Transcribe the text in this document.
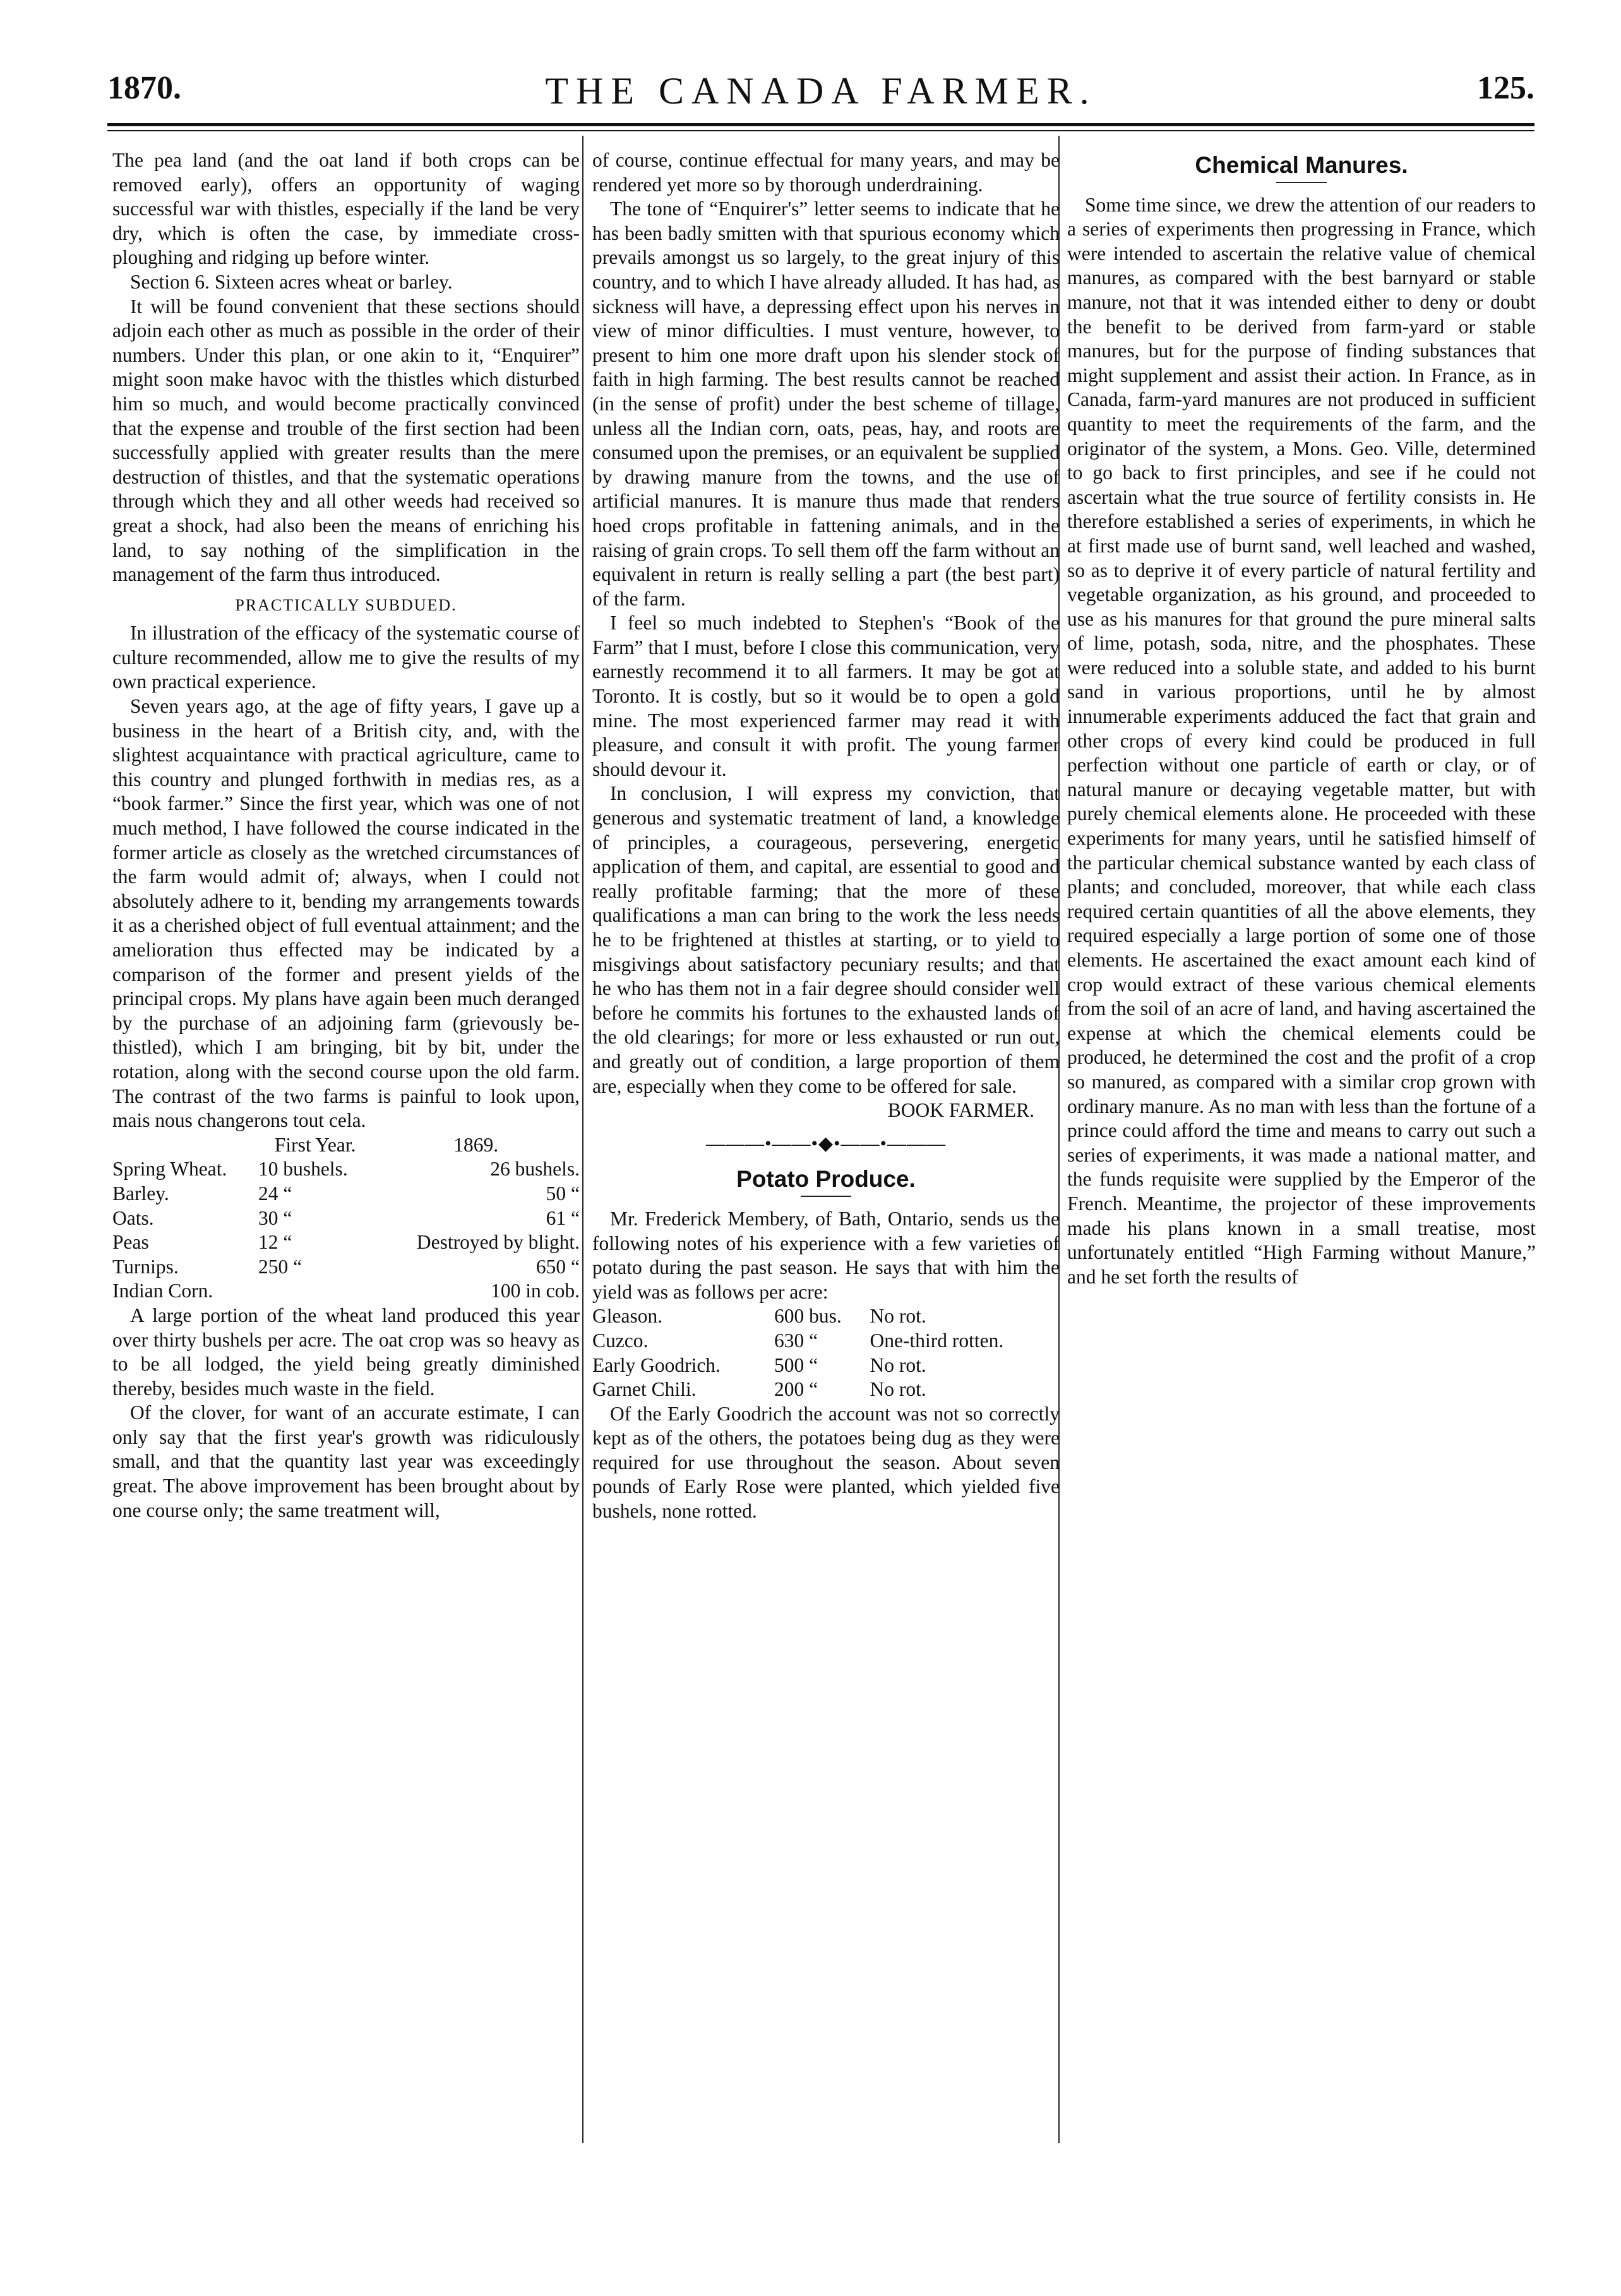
1870.	THE CANADA FARMER.	125.

The pea land (and the oat land if both crops can be removed early), offers an opportunity of waging successful war with thistles, especially if the land be very dry, which is often the case, by immediate cross-ploughing and ridging up before winter.

Section 6. Sixteen acres wheat or barley.

It will be found convenient that these sections should adjoin each other as much as possible in the order of their numbers. Under this plan, or one akin to it, “Enquirer” might soon make havoc with the thistles which disturbed him so much, and would become practically convinced that the expense and trouble of the first section had been successfully applied with greater results than the mere destruction of thistles, and that the systematic operations through which they and all other weeds had received so great a shock, had also been the means of enriching his land, to say nothing of the simplification in the management of the farm thus introduced.

PRACTICALLY SUBDUED.

In illustration of the efficacy of the systematic course of culture recommended, allow me to give the results of my own practical experience.

Seven years ago, at the age of fifty years, I gave up a business in the heart of a British city, and, with the slightest acquaintance with practical agriculture, came to this country and plunged forthwith in medias res, as a “book farmer.” Since the first year, which was one of not much method, I have followed the course indicated in the former article as closely as the wretched circumstances of the farm would admit of; always, when I could not absolutely adhere to it, bending my arrangements towards it as a cherished object of full eventual attainment; and the amelioration thus effected may be indicated by a comparison of the former and present yields of the principal crops. My plans have again been much deranged by the purchase of an adjoining farm (grievously be-thistled), which I am bringing, bit by bit, under the rotation, along with the second course upon the old farm. The contrast of the two farms is painful to look upon, mais nous changerons tout cela.

	First Year.	1869.
Spring Wheat.	10 bushels.	26 bushels.
Barley.	24 “	50 “
Oats.	30 “	61 “
Peas	12 “	Destroyed by blight.
Turnips.	250 “	650 “
Indian Corn.		100 in cob.

A large portion of the wheat land produced this year over thirty bushels per acre. The oat crop was so heavy as to be all lodged, the yield being greatly diminished thereby, besides much waste in the field.

Of the clover, for want of an accurate estimate, I can only say that the first year's growth was ridiculously small, and that the quantity last year was exceedingly great. The above improvement has been brought about by one course only; the same treatment will,

of course, continue effectual for many years, and may be rendered yet more so by thorough underdraining.

The tone of “Enquirer's” letter seems to indicate that he has been badly smitten with that spurious economy which prevails amongst us so largely, to the great injury of this country, and to which I have already alluded. It has had, as sickness will have, a depressing effect upon his nerves in view of minor difficulties. I must venture, however, to present to him one more draft upon his slender stock of faith in high farming. The best results cannot be reached (in the sense of profit) under the best scheme of tillage, unless all the Indian corn, oats, peas, hay, and roots are consumed upon the premises, or an equivalent be supplied by drawing manure from the towns, and the use of artificial manures. It is manure thus made that renders hoed crops profitable in fattening animals, and in the raising of grain crops. To sell them off the farm without an equivalent in return is really selling a part (the best part) of the farm.

I feel so much indebted to Stephen's “Book of the Farm” that I must, before I close this communication, very earnestly recommend it to all farmers. It may be got at Toronto. It is costly, but so it would be to open a gold mine. The most experienced farmer may read it with pleasure, and consult it with profit. The young farmer should devour it.

In conclusion, I will express my conviction, that generous and systematic treatment of land, a knowledge of principles, a courageous, persevering, energetic application of them, and capital, are essential to good and really profitable farming; that the more of these qualifications a man can bring to the work the less needs he to be frightened at thistles at starting, or to yield to misgivings about satisfactory pecuniary results; and that he who has them not in a fair degree should consider well before he commits his fortunes to the exhausted lands of the old clearings; for more or less exhausted or run out, and greatly out of condition, a large proportion of them are, especially when they come to be offered for sale.

BOOK FARMER.

———•——•◆•——•———
Potato Produce.

Mr. Frederick Membery, of Bath, Ontario, sends us the following notes of his experience with a few varieties of potato during the past season. He says that with him the yield was as follows per acre:

Gleason.	600 bus.	No rot.
Cuzco.	630 “	One-third rotten.
Early Goodrich.	500 “	No rot.
Garnet Chili.	200 “	No rot.

Of the Early Goodrich the account was not so correctly kept as of the others, the potatoes being dug as they were required for use throughout the season. About seven pounds of Early Rose were planted, which yielded five bushels, none rotted.

Chemical Manures.

Some time since, we drew the attention of our readers to a series of experiments then progressing in France, which were intended to ascertain the relative value of chemical manures, as compared with the best barnyard or stable manure, not that it was intended either to deny or doubt the benefit to be derived from farm-yard or stable manures, but for the purpose of finding substances that might supplement and assist their action. In France, as in Canada, farm-yard manures are not produced in sufficient quantity to meet the requirements of the farm, and the originator of the system, a Mons. Geo. Ville, determined to go back to first principles, and see if he could not ascertain what the true source of fertility consists in. He therefore established a series of experiments, in which he at first made use of burnt sand, well leached and washed, so as to deprive it of every particle of natural fertility and vegetable organization, as his ground, and proceeded to use as his manures for that ground the pure mineral salts of lime, potash, soda, nitre, and the phosphates. These were reduced into a soluble state, and added to his burnt sand in various proportions, until he by almost innumerable experiments adduced the fact that grain and other crops of every kind could be produced in full perfection without one particle of earth or clay, or of natural manure or decaying vegetable matter, but with purely chemical elements alone. He proceeded with these experiments for many years, until he satisfied himself of the particular chemical substance wanted by each class of plants; and concluded, moreover, that while each class required certain quantities of all the above elements, they required especially a large portion of some one of those elements. He ascertained the exact amount each kind of crop would extract of these various chemical elements from the soil of an acre of land, and having ascertained the expense at which the chemical elements could be produced, he determined the cost and the profit of a crop so manured, as compared with a similar crop grown with ordinary manure. As no man with less than the fortune of a prince could afford the time and means to carry out such a series of experiments, it was made a national matter, and the funds requisite were supplied by the Emperor of the French. Meantime, the projector of these improvements made his plans known in a small treatise, most unfortunately entitled “High Farming without Manure,” and he set forth the results of
